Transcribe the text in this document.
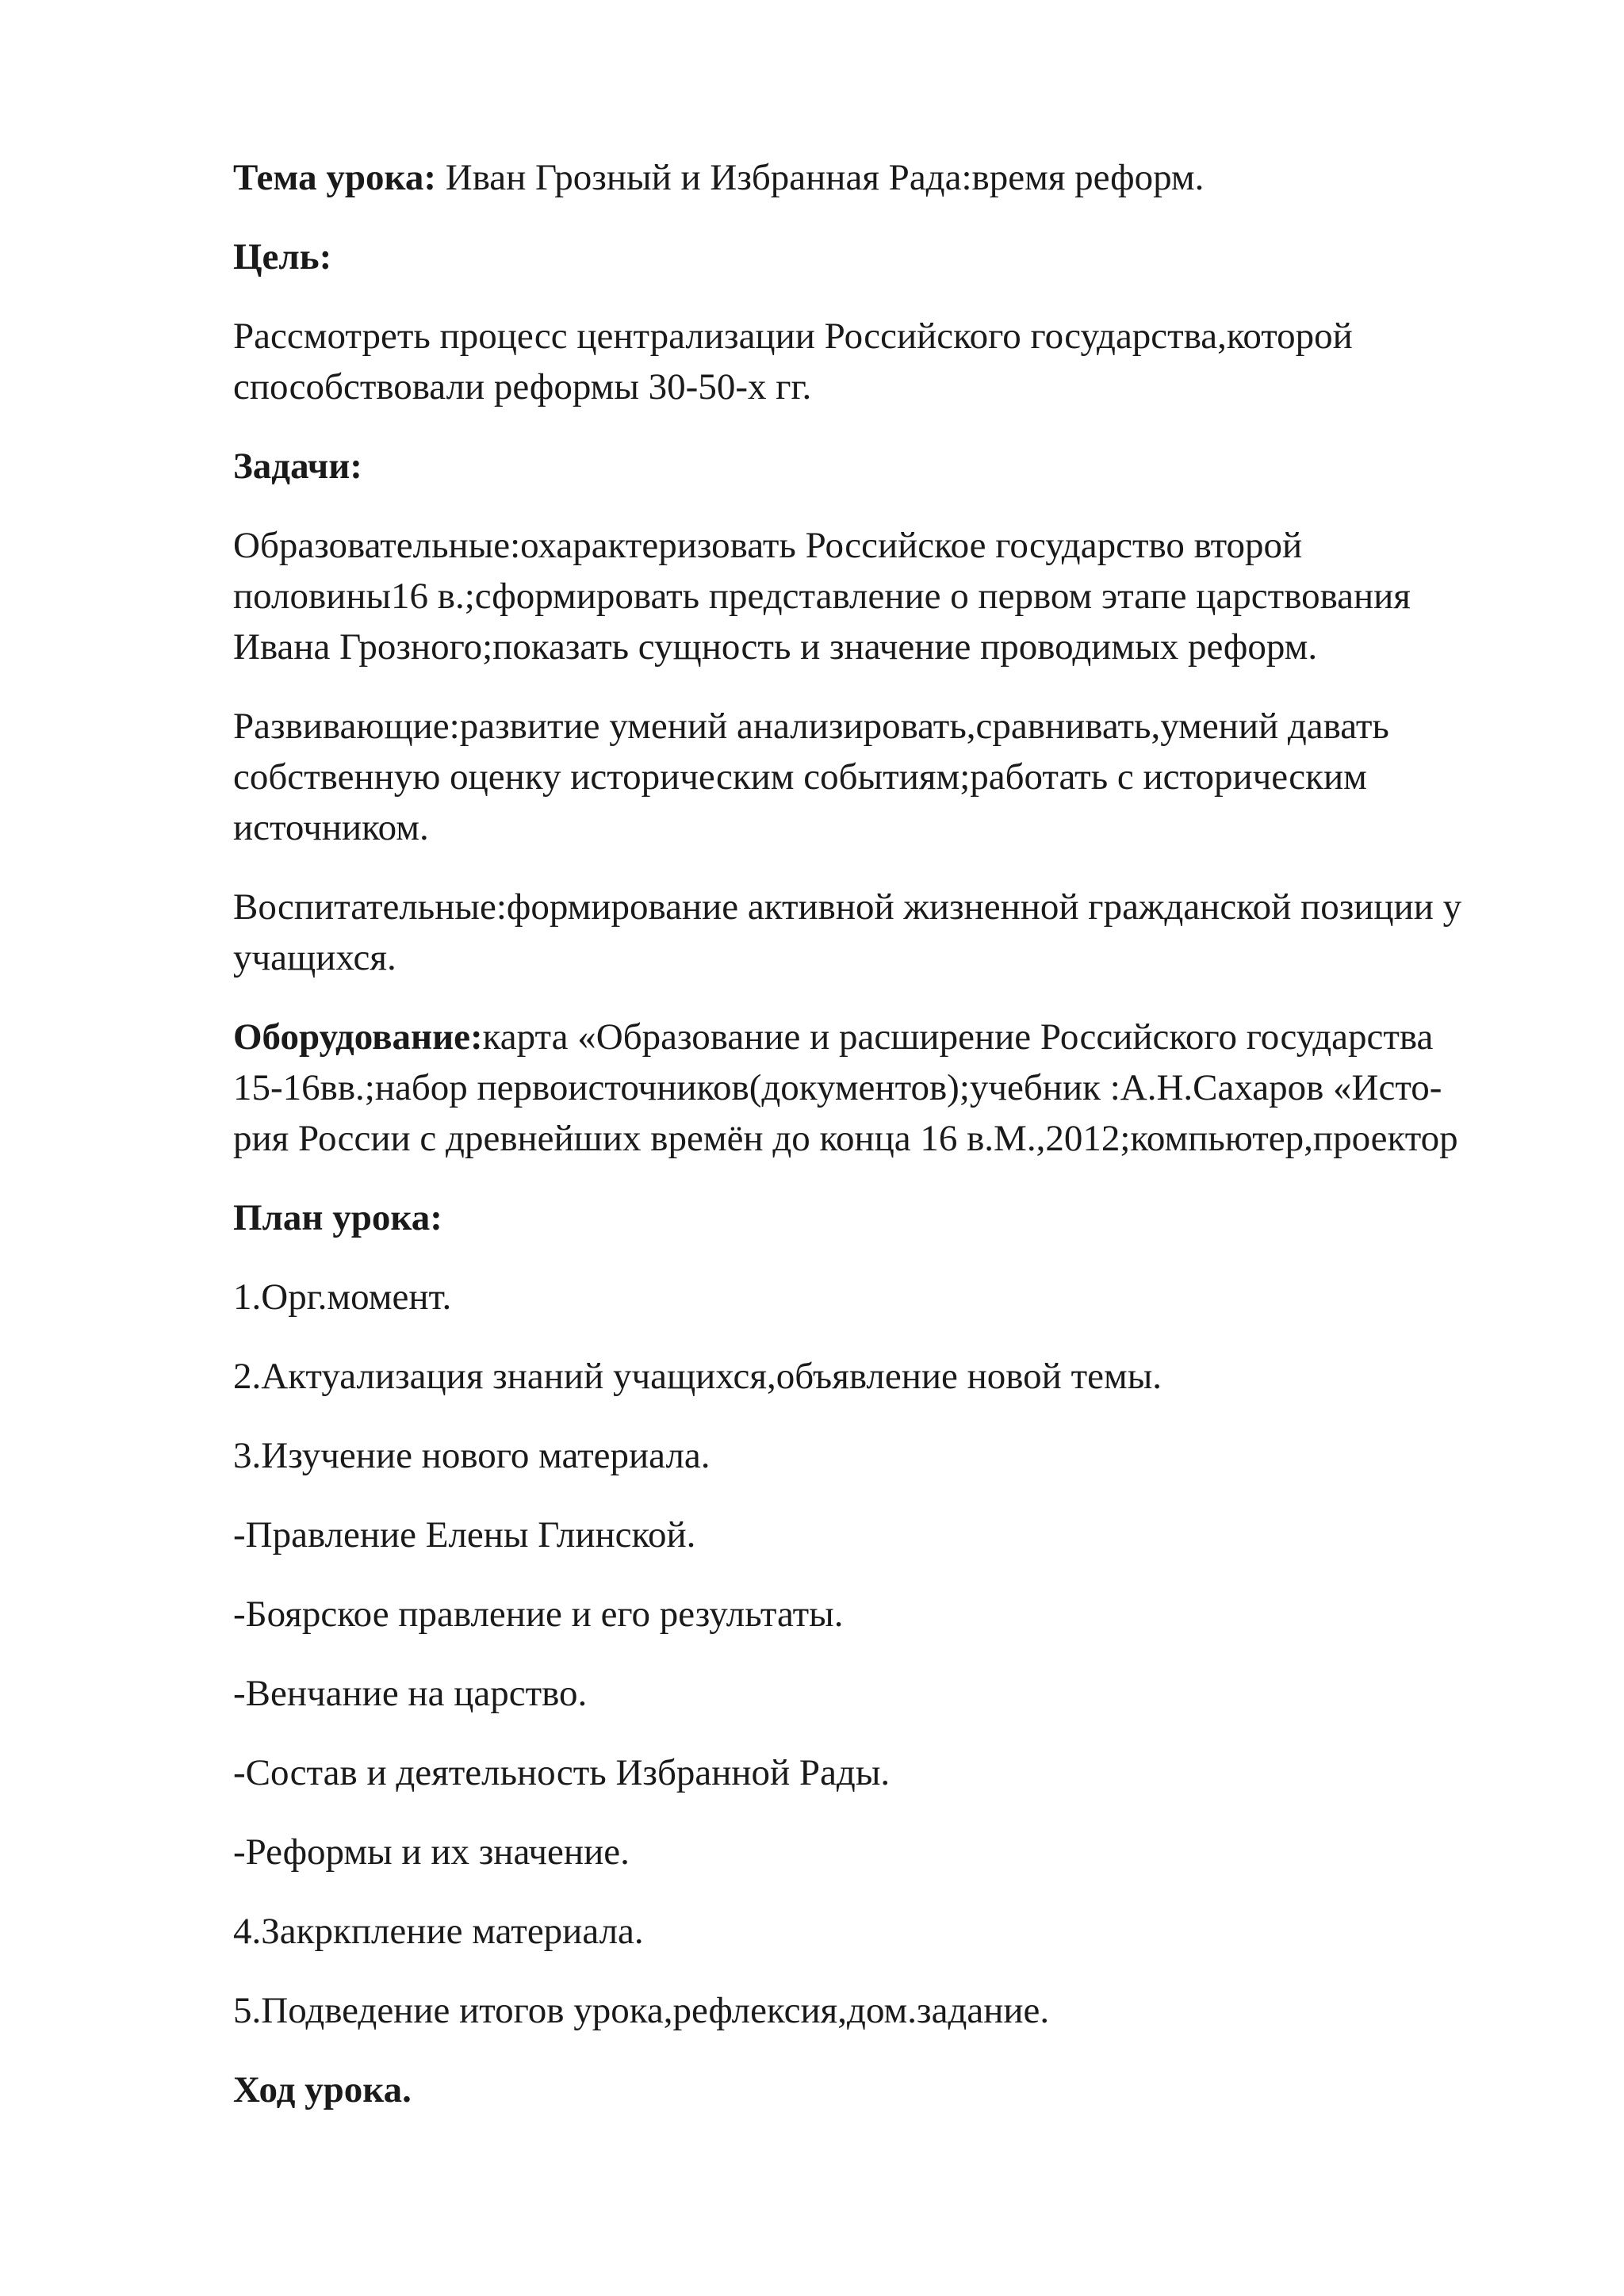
Тема урока: Иван Грозный и Избранная Рада:время реформ.
Цель:
Рассмотреть процесс централизации Российского государства,которой
способствовали реформы 30-50-х гг.
Задачи:
Образовательные:охарактеризовать Российское государство второй
половины16 в.;сформировать представление о первом этапе царствования
Ивана Грозного;показать сущность и значение проводимых реформ.
Развивающие:развитие умений анализировать,сравнивать,умений давать
собственную оценку историческим событиям;работать с историческим
источником.
Воспитательные:формирование активной жизненной гражданской позиции у
учащихся.
Оборудование:карта «Образование и расширение Российского государства
15-16вв.;набор первоисточников(документов);учебник :А.Н.Сахаров «Исто-
рия России с древнейших времён до конца 16 в.М.,2012;компьютер,проектор
План урока:
1.Орг.момент.
2.Актуализация знаний учащихся,объявление новой темы.
3.Изучение нового материала.
-Правление Елены Глинской.
-Боярское правление и его результаты.
-Венчание на царство.
-Состав и деятельность Избранной Рады.
-Реформы и их значение.
4.Закркпление материала.
5.Подведение итогов урока,рефлексия,дом.задание.
Ход урока.
